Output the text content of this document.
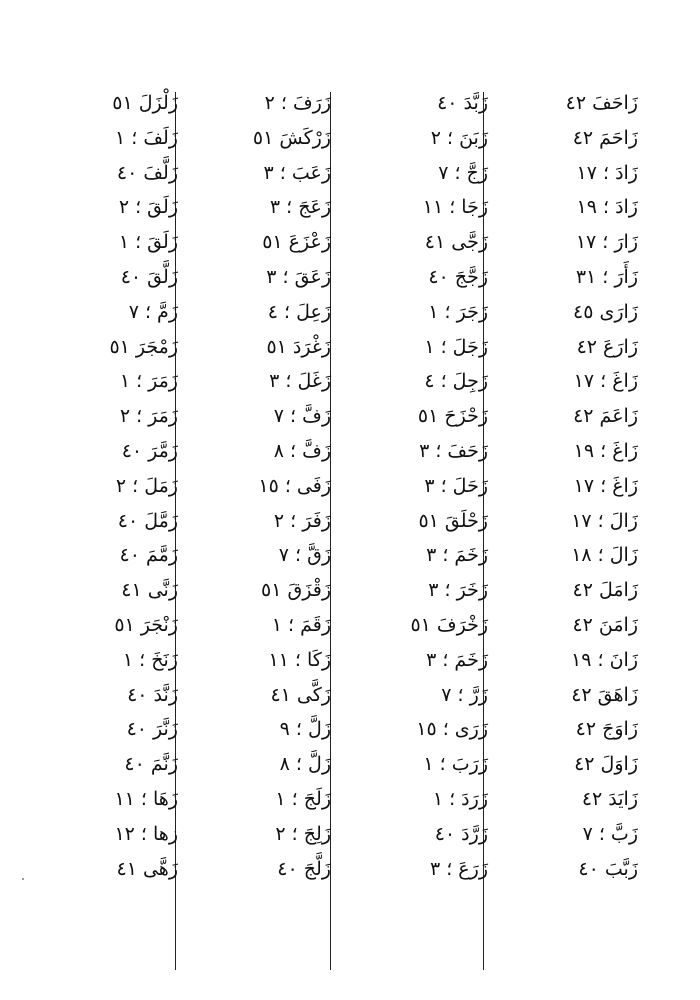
زَاحَفَ ٤٢
زَاحَمَ ٤٢
زَادَ ؛ ١٧
زَادَ ؛ ١٩
زَارَ ؛ ١٧
زَأَرَ ؛ ٣١
زَارَى ٤٥
زَارَعَ ٤٢
زَاغَ ؛ ١٧
زَاعَمَ ٤٢
زَاغَ ؛ ١٩
زَاغَ ؛ ١٧
زَالَ ؛ ١٧
زَالَ ؛ ١٨
زَامَلَ ٤٢
زَامَنَ ٤٢
زَانَ ؛ ١٩
زَاهَقَ ٤٢
زَاوَجَ ٤٢
زَاوَلَ ٤٢
زَايَدَ ٤٢
زَبَّ ؛ ٧
زَبَّبَ ٤٠
زَبَّدَ ٤٠
زَبَنَ ؛ ٢
زَجَّ ؛ ٧
زَجَا ؛ ١١
زَجَّى ٤١
زَجَّجَ ٤٠
زَجَرَ ؛ ١
زَجَلَ ؛ ١
زَجِلَ ؛ ٤
زَحْزَحَ ٥١
زَحَفَ ؛ ٣
زَحَلَ ؛ ٣
زَحْلَقَ ٥١
زَخَمَ ؛ ٣
زَخَرَ ؛ ٣
زَخْرَفَ ٥١
زَخَمَ ؛ ٣
زَرَّ ؛ ٧
زَرَى ؛ ١٥
زَرَبَ ؛ ١
زَرَدَ ؛ ١
زَرَّدَ ٤٠
زَرَعَ ؛ ٣
زَرَفَ ؛ ٢
زَرْكَشَ ٥١
زَعَبَ ؛ ٣
زَعَجَ ؛ ٣
زَعْزَعَ ٥١
زَعَقَ ؛ ٣
زَعِلَ ؛ ٤
زَغْرَدَ ٥١
زَغَلَ ؛ ٣
زَفَّ ؛ ٧
زَفَّ ؛ ٨
زَفَى ؛ ١٥
زَفَرَ ؛ ٢
زَقَّ ؛ ٧
زَقْزَقَ ٥١
زَقَمَ ؛ ١
زَكَا ؛ ١١
زَكَّى ٤١
زَلَّ ؛ ٩
زَلَّ ؛ ٨
زَلَجَ ؛ ١
زَلِجَ ؛ ٢
زَلَّجَ ٤٠
زَلْزَلَ ٥١
زَلَفَ ؛ ١
زَلَّفَ ٤٠
زَلَقَ ؛ ٢
زَلَقَ ؛ ١
زَلَّقَ ٤٠
زَمَّ ؛ ٧
زَمْجَرَ ٥١
زَمَرَ ؛ ١
زَمَرَ ؛ ٢
زَمَّرَ ٤٠
زَمَلَ ؛ ٢
زَمَّلَ ٤٠
زَمَّمَ ٤٠
زَنَّى ٤١
زَنْجَرَ ٥١
زَنَخَ ؛ ١
زَنَّدَ ٤٠
زَنَّرَ ٤٠
زَنَّمَ ٤٠
زَهَا ؛ ١١
زها ؛ ١٢
زَهَّى ٤١
